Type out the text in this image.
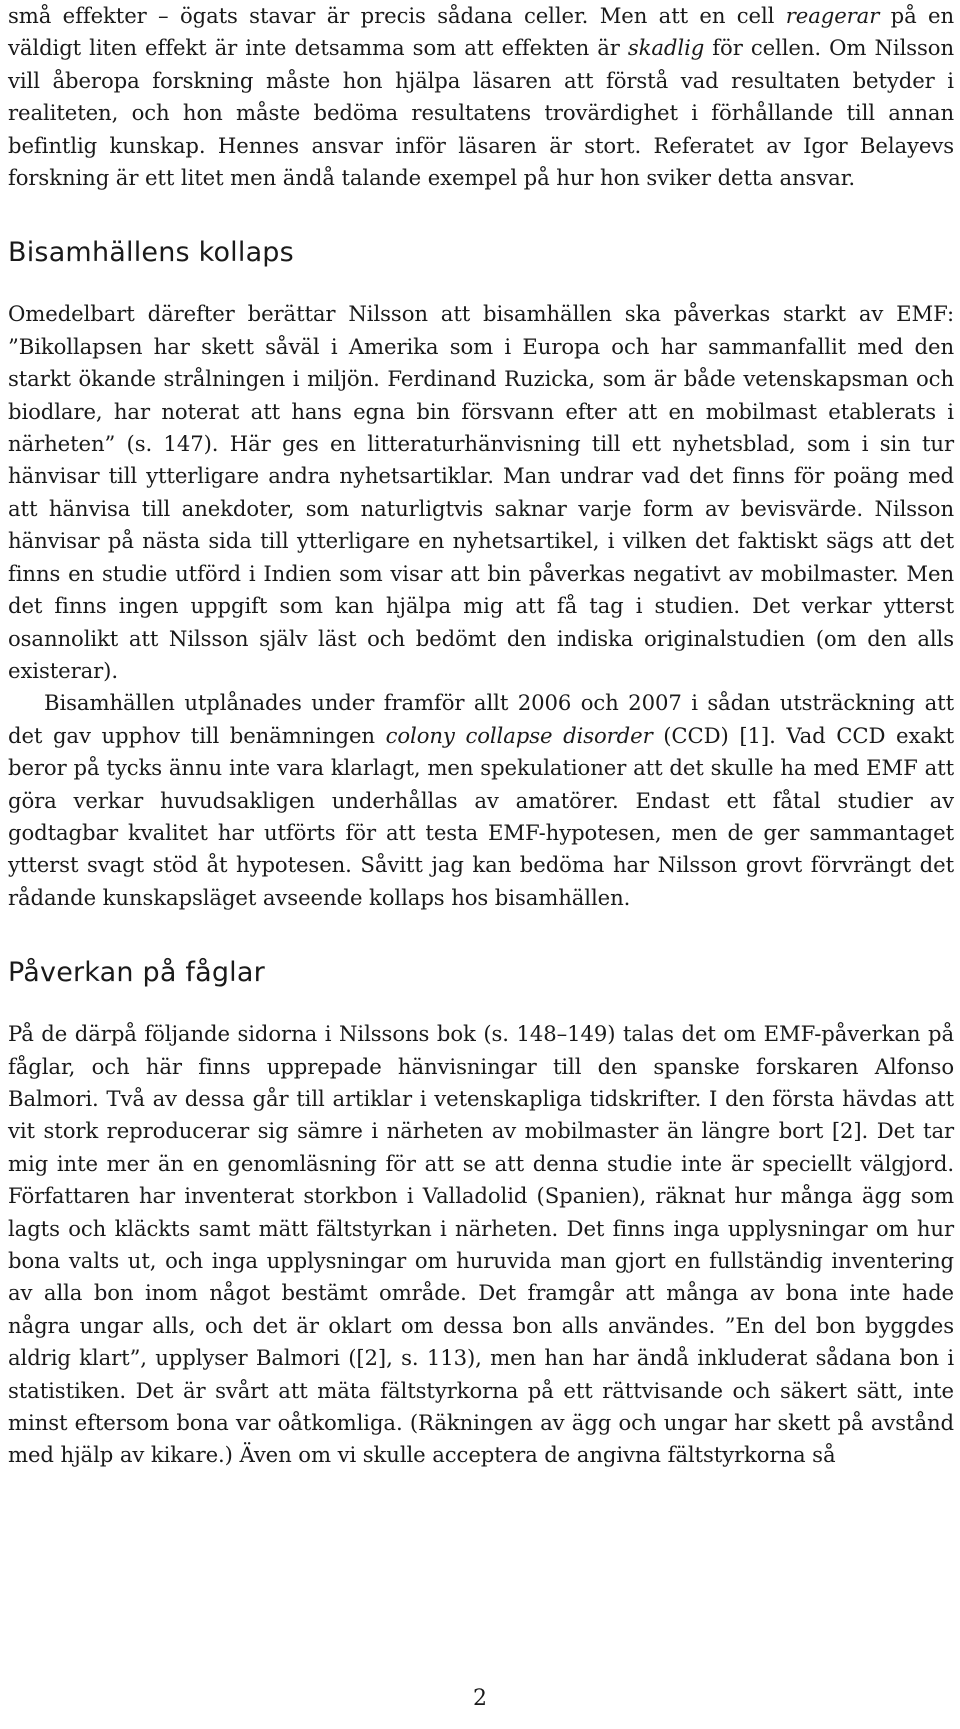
små effekter – ögats stavar är precis sådana celler. Men att en cell reagerar på en väldigt liten effekt är inte detsamma som att effekten är skadlig för cellen. Om Nilsson vill åberopa forskning måste hon hjälpa läsaren att förstå vad resultaten betyder i realiteten, och hon måste bedöma resultatens trovärdighet i förhållande till annan befintlig kunskap. Hennes ansvar inför läsaren är stort. Referatet av Igor Belayevs forskning är ett litet men ändå talande exempel på hur hon sviker detta ansvar.

Bisamhällens kollaps

Omedelbart därefter berättar Nilsson att bisamhällen ska påverkas starkt av EMF: ”Bikollapsen har skett såväl i Amerika som i Europa och har sammanfallit med den starkt ökande strålningen i miljön. Ferdinand Ruzicka, som är både vetenskapsman och biodlare, har noterat att hans egna bin försvann efter att en mobilmast etablerats i närheten” (s. 147). Här ges en litteraturhänvisning till ett nyhetsblad, som i sin tur hänvisar till ytterligare andra nyhetsartiklar. Man undrar vad det finns för poäng med att hänvisa till anekdoter, som naturligtvis saknar varje form av bevisvärde. Nilsson hänvisar på nästa sida till ytterligare en nyhetsartikel, i vilken det faktiskt sägs att det finns en studie utförd i Indien som visar att bin påverkas negativt av mobilmaster. Men det finns ingen uppgift som kan hjälpa mig att få tag i studien. Det verkar ytterst osannolikt att Nilsson själv läst och bedömt den indiska originalstudien (om den alls existerar).

Bisamhällen utplånades under framför allt 2006 och 2007 i sådan utsträckning att det gav upphov till benämningen colony collapse disorder (CCD) [1]. Vad CCD exakt beror på tycks ännu inte vara klarlagt, men spekulationer att det skulle ha med EMF att göra verkar huvudsakligen underhållas av amatörer. Endast ett fåtal studier av godtagbar kvalitet har utförts för att testa EMF-hypotesen, men de ger sammantaget ytterst svagt stöd åt hypotesen. Såvitt jag kan bedöma har Nilsson grovt förvrängt det rådande kunskapsläget avseende kollaps hos bisamhällen.

Påverkan på fåglar

På de därpå följande sidorna i Nilssons bok (s. 148–149) talas det om EMF-påverkan på fåglar, och här finns upprepade hänvisningar till den spanske forskaren Alfonso Balmori. Två av dessa går till artiklar i vetenskapliga tidskrifter. I den första hävdas att vit stork reproducerar sig sämre i närheten av mobilmaster än längre bort [2]. Det tar mig inte mer än en genomläsning för att se att denna studie inte är speciellt välgjord. Författaren har inventerat storkbon i Valladolid (Spanien), räknat hur många ägg som lagts och kläckts samt mätt fältstyrkan i närheten. Det finns inga upplysningar om hur bona valts ut, och inga upplysningar om huruvida man gjort en fullständig inventering av alla bon inom något bestämt område. Det framgår att många av bona inte hade några ungar alls, och det är oklart om dessa bon alls användes. ”En del bon byggdes aldrig klart”, upplyser Balmori ([2], s. 113), men han har ändå inkluderat sådana bon i statistiken. Det är svårt att mäta fältstyrkorna på ett rättvisande och säkert sätt, inte minst eftersom bona var oåtkomliga. (Räkningen av ägg och ungar har skett på avstånd med hjälp av kikare.) Även om vi skulle acceptera de angivna fältstyrkorna så

2
